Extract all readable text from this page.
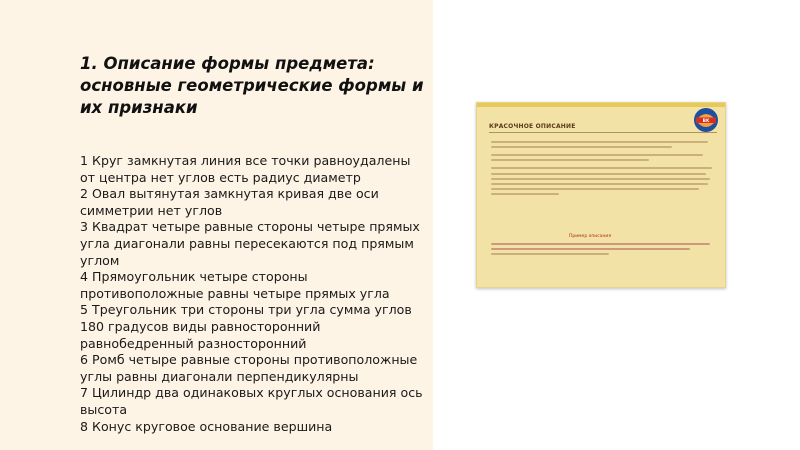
1. Описание формы предмета: основные геометрические формы и их признаки
1 Круг замкнутая линия все точки равноудалены от центра нет углов есть радиус диаметр
2 Овал вытянутая замкнутая кривая две оси симметрии нет углов
3 Квадрат четыре равные стороны четыре прямых угла диагонали равны пересекаются под прямым углом
4 Прямоугольник четыре стороны противоположные равны четыре прямых угла
5 Треугольник три стороны три угла сумма углов 180 градусов виды равносторонний равнобедренный разносторонний
6 Ромб четыре равные стороны противоположные углы равны диагонали перпендикулярны
7 Цилиндр два одинаковых круглых основания ось высота
8 Конус круговое основание вершина
BK
КРАСОЧНОЕ ОПИСАНИЕ
Пример описания
